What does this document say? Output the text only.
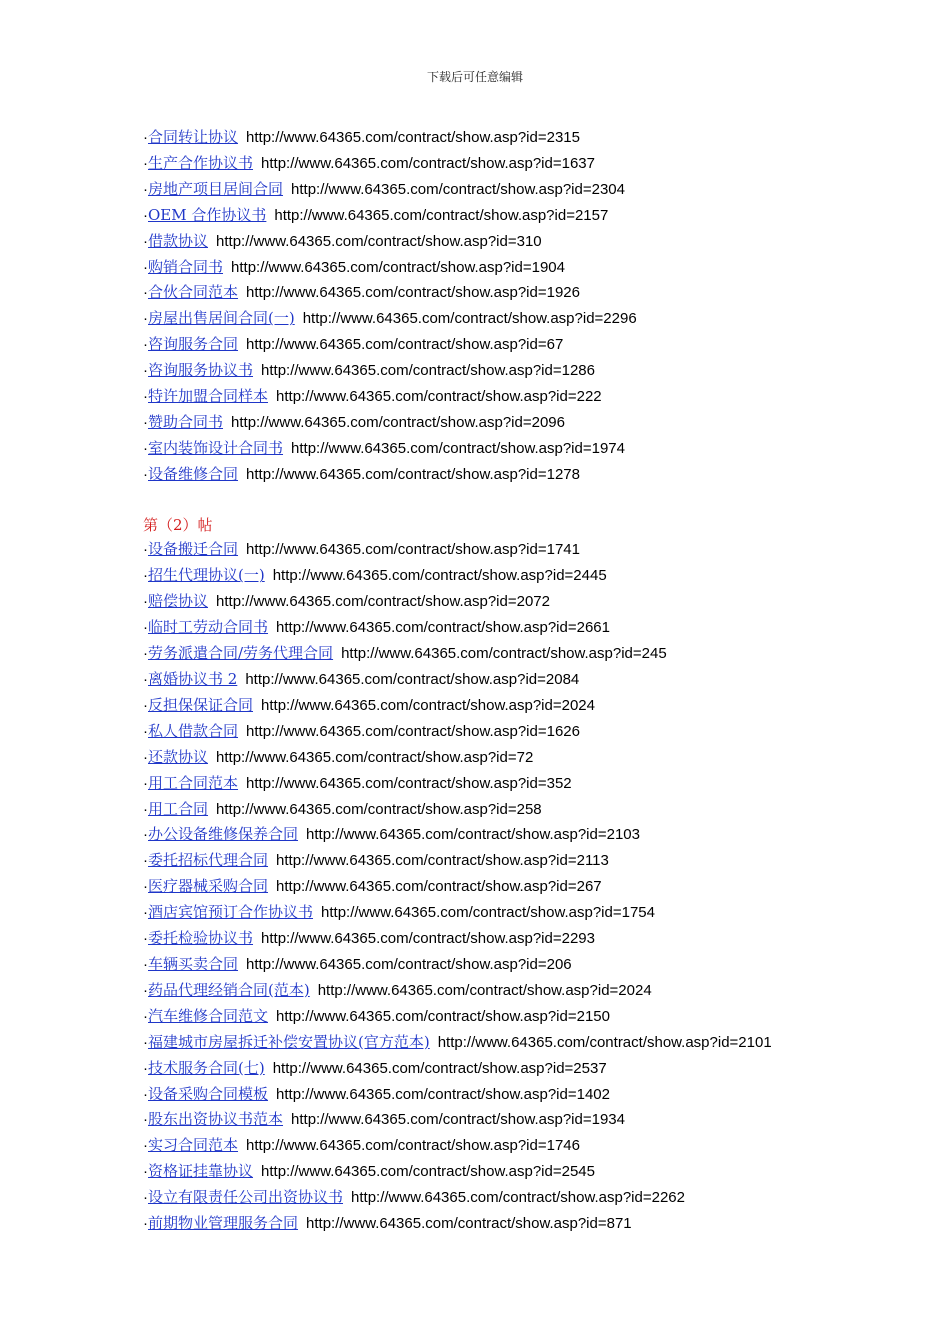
下载后可任意编辑
·合同转让协议 http://www.64365.com/contract/show.asp?id=2315
·生产合作协议书 http://www.64365.com/contract/show.asp?id=1637
·房地产项目居间合同 http://www.64365.com/contract/show.asp?id=2304
·OEM 合作协议书 http://www.64365.com/contract/show.asp?id=2157
·借款协议 http://www.64365.com/contract/show.asp?id=310
·购销合同书 http://www.64365.com/contract/show.asp?id=1904
·合伙合同范本 http://www.64365.com/contract/show.asp?id=1926
·房屋出售居间合同(一) http://www.64365.com/contract/show.asp?id=2296
·咨询服务合同 http://www.64365.com/contract/show.asp?id=67
·咨询服务协议书 http://www.64365.com/contract/show.asp?id=1286
·特许加盟合同样本 http://www.64365.com/contract/show.asp?id=222
·赞助合同书 http://www.64365.com/contract/show.asp?id=2096
·室内装饰设计合同书 http://www.64365.com/contract/show.asp?id=1974
·设备维修合同 http://www.64365.com/contract/show.asp?id=1278
第（2）帖
·设备搬迁合同 http://www.64365.com/contract/show.asp?id=1741
·招生代理协议(一) http://www.64365.com/contract/show.asp?id=2445
·赔偿协议 http://www.64365.com/contract/show.asp?id=2072
·临时工劳动合同书 http://www.64365.com/contract/show.asp?id=2661
·劳务派遣合同/劳务代理合同 http://www.64365.com/contract/show.asp?id=245
·离婚协议书 2 http://www.64365.com/contract/show.asp?id=2084
·反担保保证合同 http://www.64365.com/contract/show.asp?id=2024
·私人借款合同 http://www.64365.com/contract/show.asp?id=1626
·还款协议 http://www.64365.com/contract/show.asp?id=72
·用工合同范本 http://www.64365.com/contract/show.asp?id=352
·用工合同 http://www.64365.com/contract/show.asp?id=258
·办公设备维修保养合同 http://www.64365.com/contract/show.asp?id=2103
·委托招标代理合同 http://www.64365.com/contract/show.asp?id=2113
·医疗器械采购合同 http://www.64365.com/contract/show.asp?id=267
·酒店宾馆预订合作协议书 http://www.64365.com/contract/show.asp?id=1754
·委托检验协议书 http://www.64365.com/contract/show.asp?id=2293
·车辆买卖合同 http://www.64365.com/contract/show.asp?id=206
·药品代理经销合同(范本) http://www.64365.com/contract/show.asp?id=2024
·汽车维修合同范文 http://www.64365.com/contract/show.asp?id=2150
·福建城市房屋拆迁补偿安置协议(官方范本) http://www.64365.com/contract/show.asp?id=2101
·技术服务合同(七) http://www.64365.com/contract/show.asp?id=2537
·设备采购合同模板 http://www.64365.com/contract/show.asp?id=1402
·股东出资协议书范本 http://www.64365.com/contract/show.asp?id=1934
·实习合同范本 http://www.64365.com/contract/show.asp?id=1746
·资格证挂靠协议 http://www.64365.com/contract/show.asp?id=2545
·设立有限责任公司出资协议书 http://www.64365.com/contract/show.asp?id=2262
·前期物业管理服务合同 http://www.64365.com/contract/show.asp?id=871
